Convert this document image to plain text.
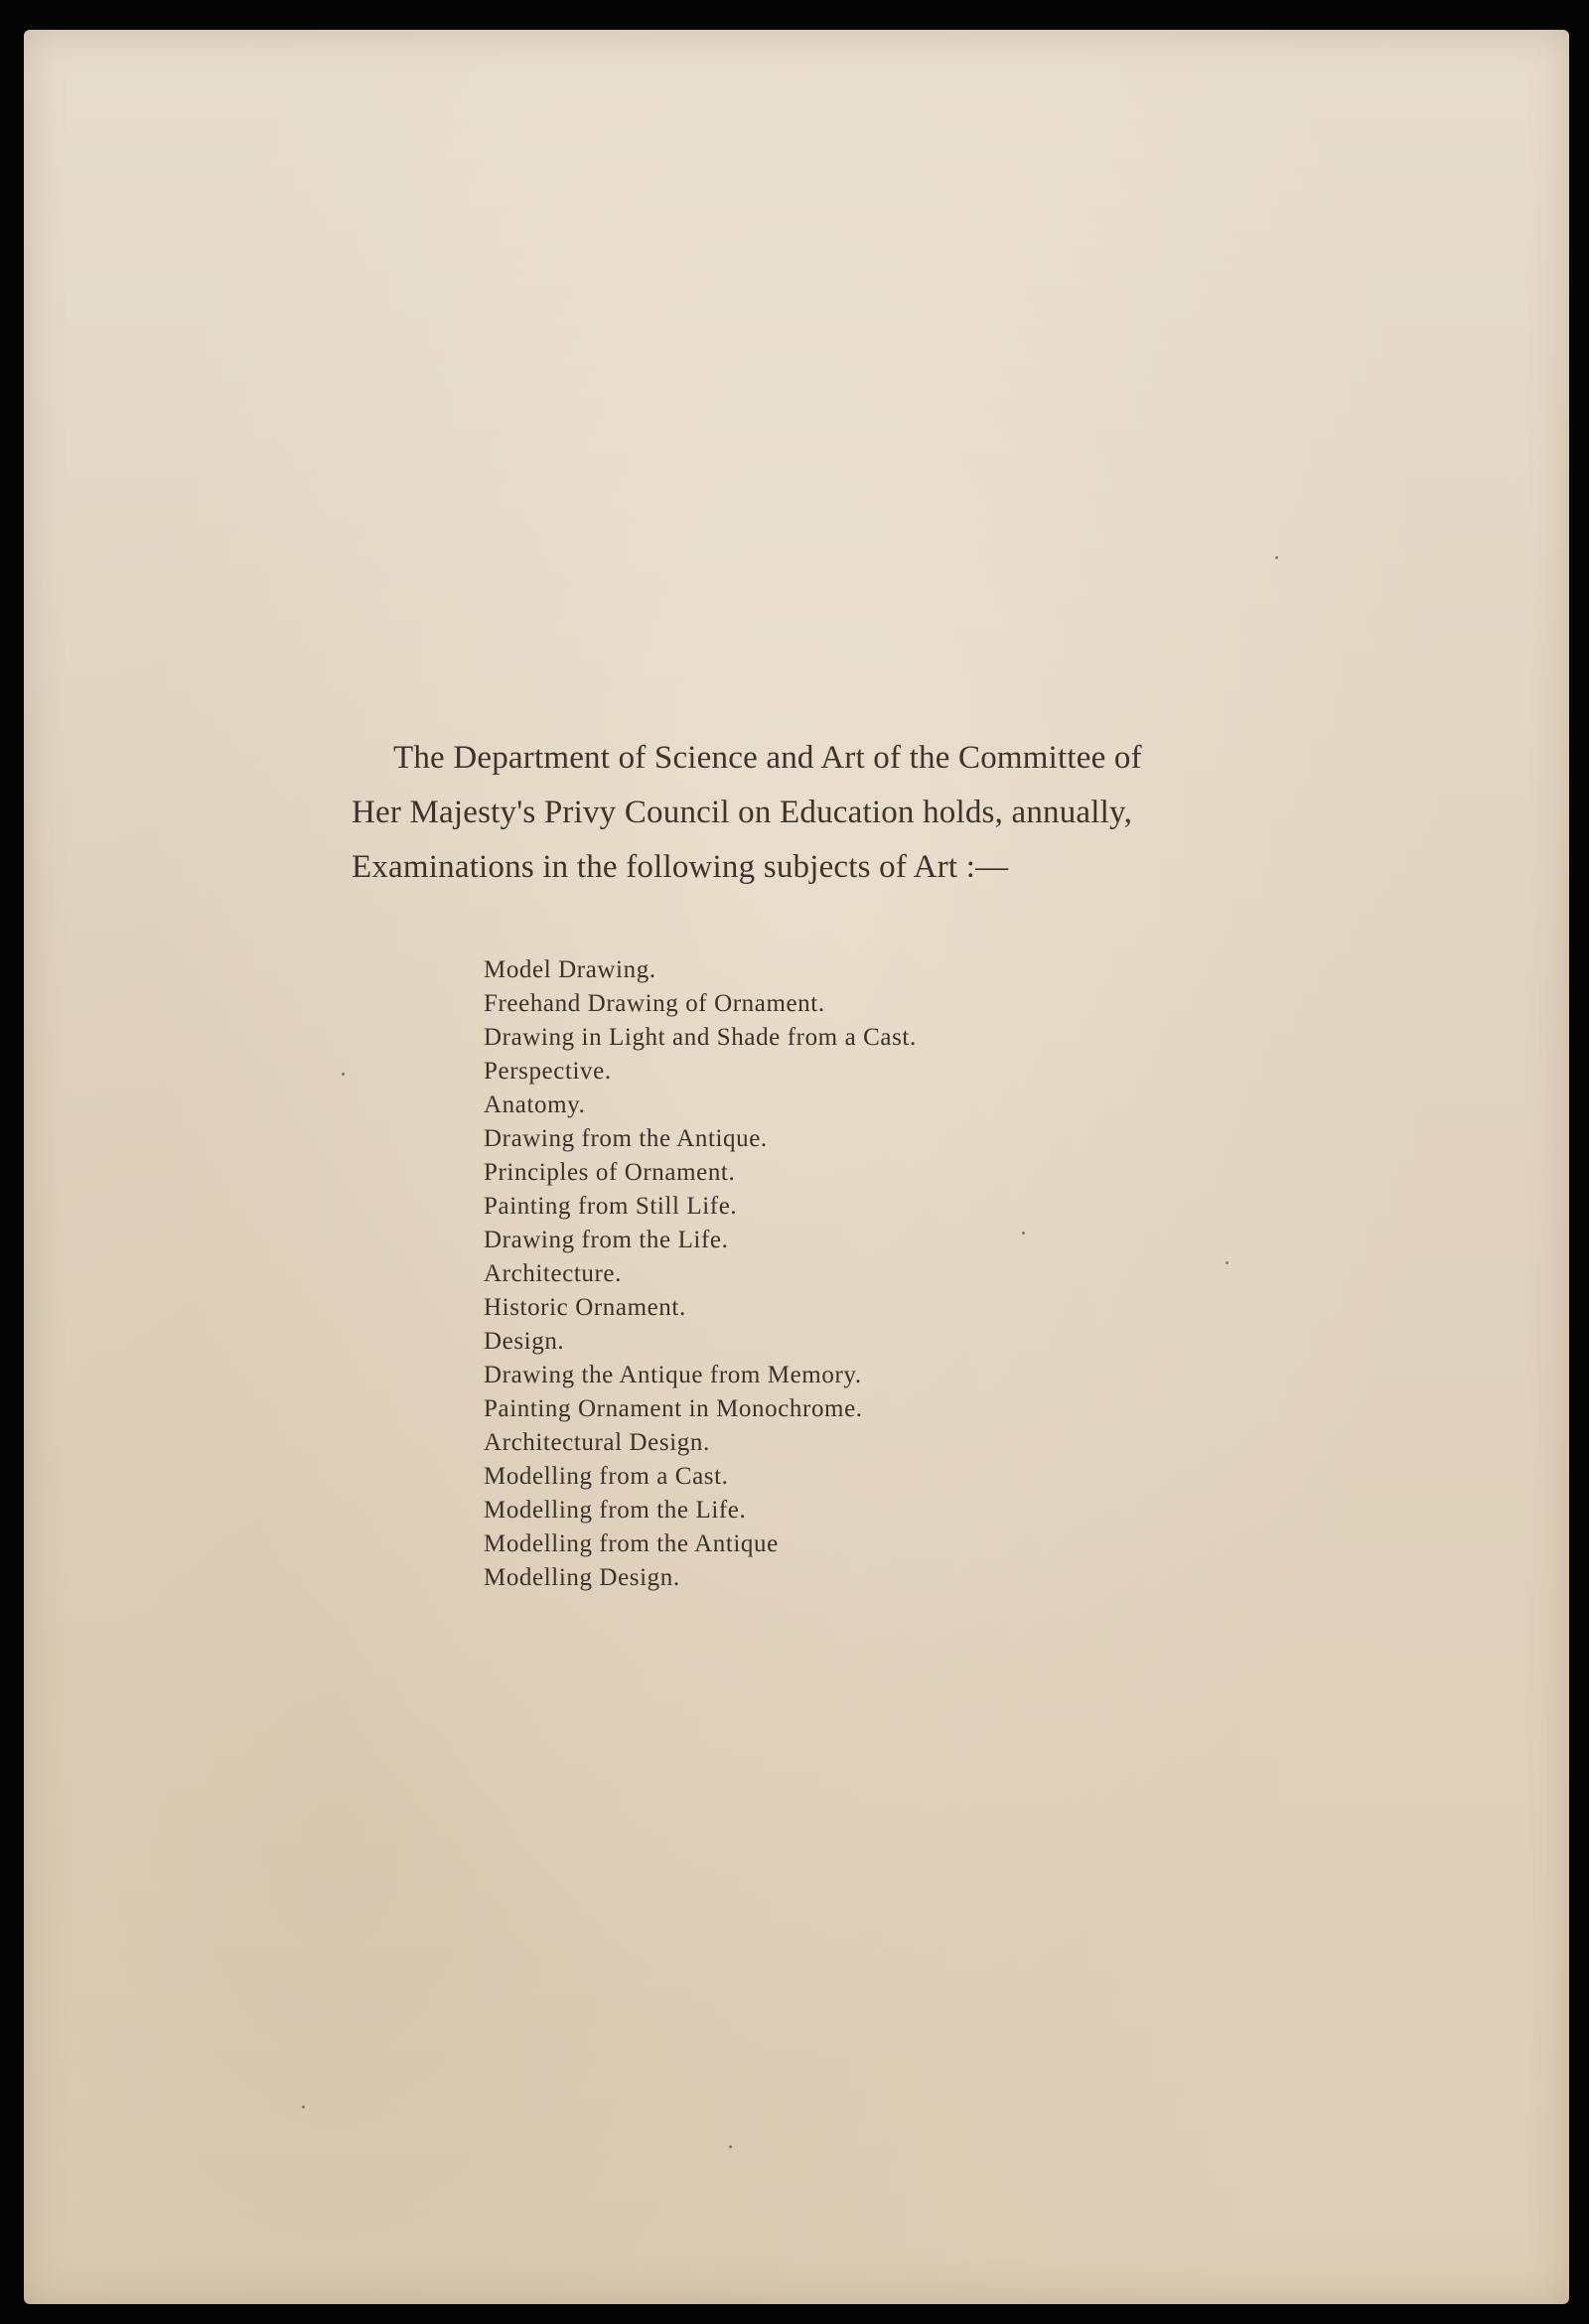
The Department of Science and Art of the Committee of
Her Majesty's Privy Council on Education holds, annually,
Examinations in the following subjects of Art :—
Model Drawing.
Freehand Drawing of Ornament.
Drawing in Light and Shade from a Cast.
Perspective.
Anatomy.
Drawing from the Antique.
Principles of Ornament.
Painting from Still Life.
Drawing from the Life.
Architecture.
Historic Ornament.
Design.
Drawing the Antique from Memory.
Painting Ornament in Monochrome.
Architectural Design.
Modelling from a Cast.
Modelling from the Life.
Modelling from the Antique
Modelling Design.
